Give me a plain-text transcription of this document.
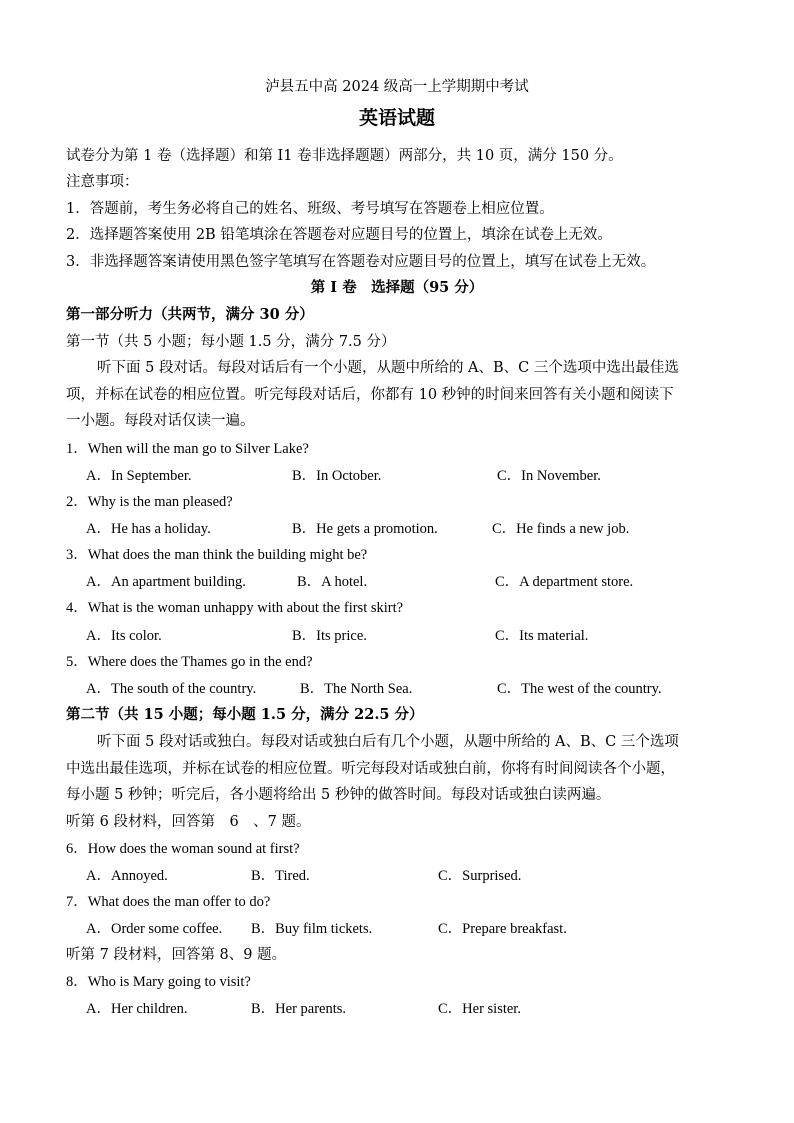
泸县五中高 2024 级高一上学期期中考试
英语试题
试卷分为第 1 卷（选择题）和第 I1 卷非选择题题）两部分，共 10 页，满分 150 分。
注意事项：
1．答题前，考生务必将自己的姓名、班级、考号填写在答题卷上相应位置。
2．选择题答案使用 2B 铅笔填涂在答题卷对应题目号的位置上，填涂在试卷上无效。
3．非选择题答案请使用黑色签字笔填写在答题卷对应题目号的位置上，填写在试卷上无效。
第 I 卷　选择题（95 分）
第一部分听力（共两节，满分 30 分）
第一节（共 5 小题；每小题 1.5 分，满分 7.5 分）
听下面 5 段对话。每段对话后有一个小题，从题中所给的 A、B、C 三个选项中选出最佳选
项，并标在试卷的相应位置。听完每段对话后，你都有 10 秒钟的时间来回答有关小题和阅读下
一小题。每段对话仅读一遍。
1．When will the man go to Silver Lake?
A．In September.	B．In October.	C．In November.
2．Why is the man pleased?
A．He has a holiday.	B．He gets a promotion.	C．He finds a new job.
3．What does the man think the building might be?
A．An apartment building.	B．A hotel.	C．A department store.
4．What is the woman unhappy with about the first skirt?
A．Its color.	B．Its price.	C．Its material.
5．Where does the Thames go in the end?
A．The south of the country.	B．The North Sea.	C．The west of the country.
第二节（共 15 小题；每小题 1.5 分，满分 22.5 分）
听下面 5 段对话或独白。每段对话或独白后有几个小题，从题中所给的 A、B、C 三个选项
中选出最佳选项，并标在试卷的相应位置。听完每段对话或独白前，你将有时间阅读各个小题，
每小题 5 秒钟；听完后，各小题将给出 5 秒钟的做答时间。每段对话或独白读两遍。
听第 6 段材料，回答第　6　、7 题。
6．How does the woman sound at first?
A．Annoyed.	B．Tired.	C．Surprised.
7．What does the man offer to do?
A．Order some coffee. B．Buy film tickets.	C．Prepare breakfast.
听第 7 段材料，回答第 8、9 题。
8．Who is Mary going to visit?
A．Her children.	B．Her parents.	C．Her sister.
